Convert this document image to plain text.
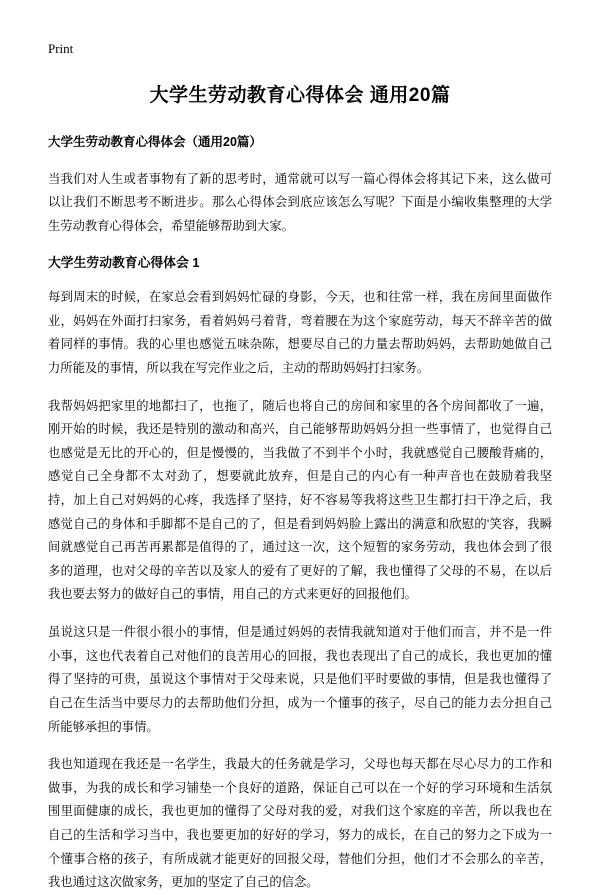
Print
大学生劳动教育心得体会 通用20篇

大学生劳动教育心得体会（通用20篇）

当我们对人生或者事物有了新的思考时，通常就可以写一篇心得体会将其记下来，这么做可以让我们不断思考不断进步。那么心得体会到底应该怎么写呢？下面是小编收集整理的大学生劳动教育心得体会，希望能够帮助到大家。

大学生劳动教育心得体会 1

每到周末的时候，在家总会看到妈妈忙碌的身影，今天，也和往常一样，我在房间里面做作业，妈妈在外面打扫家务，看着妈妈弓着背，弯着腰在为这个家庭劳动，每天不辞辛苦的做着同样的事情。我的心里也感觉五味杂陈，想要尽自己的力量去帮助妈妈，去帮助她做自己力所能及的事情，所以我在写完作业之后，主动的帮助妈妈打扫家务。

我帮妈妈把家里的地都扫了，也拖了，随后也将自己的房间和家里的各个房间都收了一遍，刚开始的时候，我还是特别的激动和高兴，自己能够帮助妈妈分担一些事情了，也觉得自己也感觉是无比的开心的，但是慢慢的，当我做了不到半个小时，我就感觉自己腰酸背痛的，感觉自己全身都不太对劲了，想要就此放弃，但是自己的内心有一种声音也在鼓励着我坚持，加上自己对妈妈的心疼，我选择了坚持，好不容易等我将这些卫生都打扫干净之后，我感觉自己的身体和手脚都不是自己的了，但是看到妈妈脸上露出的满意和欣慰的'笑容，我瞬间就感觉自己再苦再累都是值得的了，通过这一次，这个短暂的家务劳动，我也体会到了很多的道理，也对父母的辛苦以及家人的爱有了更好的了解，我也懂得了父母的不易，在以后我也要去努力的做好自己的事情，用自己的方式来更好的回报他们。

虽说这只是一件很小很小的事情，但是通过妈妈的表情我就知道对于他们而言，并不是一件小事，这也代表着自己对他们的良苦用心的回报，我也表现出了自己的成长，我也更加的懂得了坚持的可贵，虽说这个事情对于父母来说，只是他们平时要做的事情，但是我也懂得了自己在生活当中要尽力的去帮助他们分担，成为一个懂事的孩子，尽自己的能力去分担自己所能够承担的事情。

我也知道现在我还是一名学生，我最大的任务就是学习，父母也每天都在尽心尽力的工作和做事，为我的成长和学习铺垫一个良好的道路，保证自己可以在一个好的学习环境和生活氛围里面健康的成长，我也更加的懂得了父母对我的爱，对我们这个家庭的辛苦，所以我也在自己的生活和学习当中，我也要更加的好好的学习，努力的成长，在自己的努力之下成为一个懂事合格的孩子，有所成就才能更好的回报父母，替他们分担，他们才不会那么的辛苦，我也通过这次做家务，更加的坚定了自己的信念。
